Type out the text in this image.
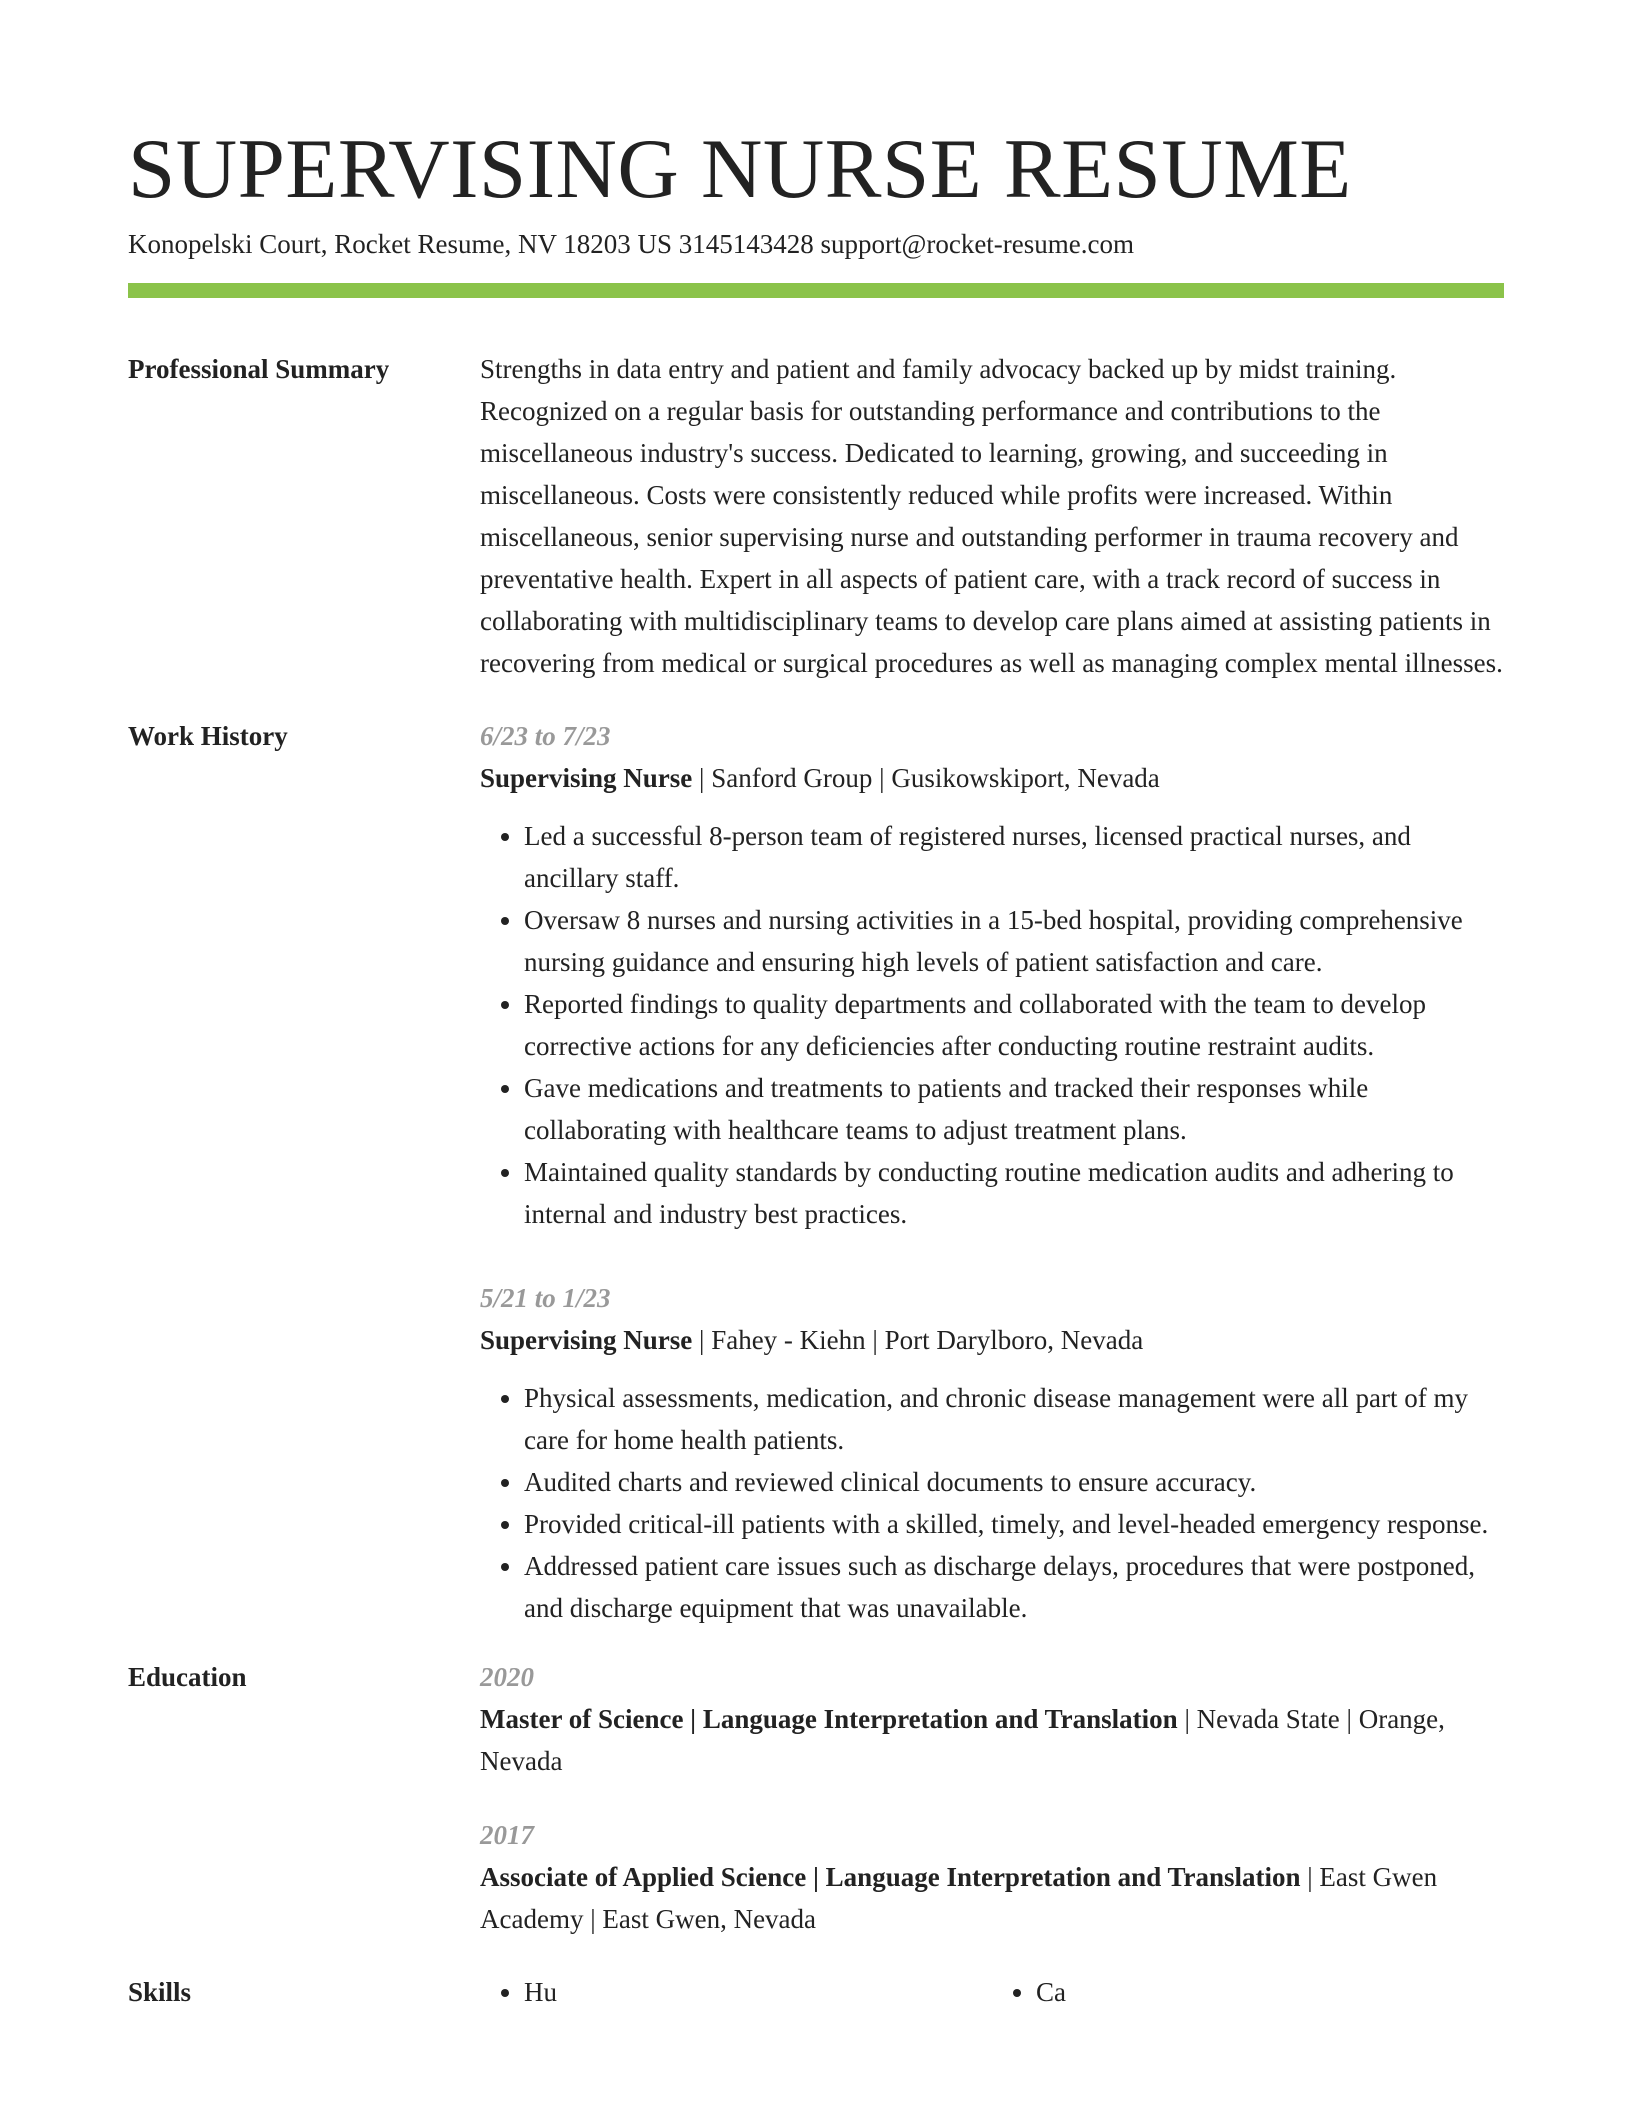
SUPERVISING NURSE RESUME
Konopelski Court, Rocket Resume, NV 18203 US 3145143428 support@rocket-resume.com
Professional Summary	Strengths in data entry and patient and family advocacy backed up by midst training. Recognized on a regular basis for outstanding performance and contributions to the miscellaneous industry's success. Dedicated to learning, growing, and succeeding in miscellaneous. Costs were consistently reduced while profits were increased. Within miscellaneous, senior supervising nurse and outstanding performer in trauma recovery and preventative health. Expert in all aspects of patient care, with a track record of success in collaborating with multidisciplinary teams to develop care plans aimed at assisting patients in recovering from medical or surgical procedures as well as managing complex mental illnesses.

Work History	6/23 to 7/23
Supervising Nurse | Sanford Group | Gusikowskiport, Nevada
• Led a successful 8-person team of registered nurses, licensed practical nurses, and ancillary staff.
• Oversaw 8 nurses and nursing activities in a 15-bed hospital, providing comprehensive nursing guidance and ensuring high levels of patient satisfaction and care.
• Reported findings to quality departments and collaborated with the team to develop corrective actions for any deficiencies after conducting routine restraint audits.
• Gave medications and treatments to patients and tracked their responses while collaborating with healthcare teams to adjust treatment plans.
• Maintained quality standards by conducting routine medication audits and adhering to internal and industry best practices.
5/21 to 1/23
Supervising Nurse | Fahey - Kiehn | Port Darylboro, Nevada
• Physical assessments, medication, and chronic disease management were all part of my care for home health patients.
• Audited charts and reviewed clinical documents to ensure accuracy.
• Provided critical-ill patients with a skilled, timely, and level-headed emergency response.
• Addressed patient care issues such as discharge delays, procedures that were postponed, and discharge equipment that was unavailable.
Education	2020
Master of Science | Language Interpretation and Translation | Nevada State | Orange, Nevada
2017
Associate of Applied Science | Language Interpretation and Translation | East Gwen Academy | East Gwen, Nevada
Skills	• Hu	• Ca
